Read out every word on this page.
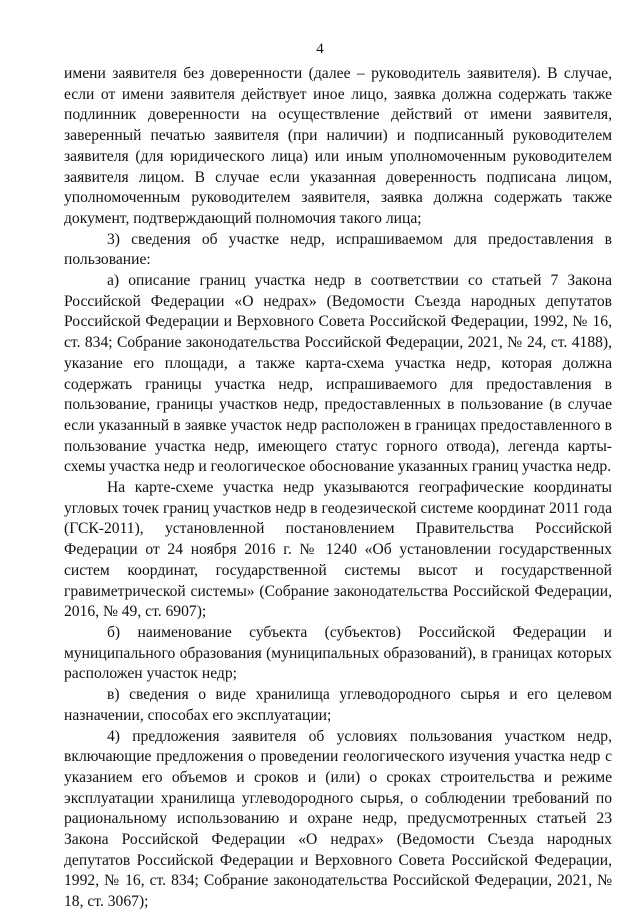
4

имени заявителя без доверенности (далее – руководитель заявителя). В случае, если от имени заявителя действует иное лицо, заявка должна содержать также подлинник доверенности на осуществление действий от имени заявителя, заверенный печатью заявителя (при наличии) и подписанный руководителем заявителя (для юридического лица) или иным уполномоченным руководителем заявителя лицом. В случае если указанная доверенность подписана лицом, уполномоченным руководителем заявителя, заявка должна содержать также документ, подтверждающий полномочия такого лица;

3) сведения об участке недр, испрашиваемом для предоставления в пользование:

а) описание границ участка недр в соответствии со статьей 7 Закона Российской Федерации «О недрах» (Ведомости Съезда народных депутатов Российской Федерации и Верховного Совета Российской Федерации, 1992, № 16, ст. 834; Собрание законодательства Российской Федерации, 2021, № 24, ст. 4188), указание его площади, а также карта-схема участка недр, которая должна содержать границы участка недр, испрашиваемого для предоставления в пользование, границы участков недр, предоставленных в пользование (в случае если указанный в заявке участок недр расположен в границах предоставленного в пользование участка недр, имеющего статус горного отвода), легенда карты-схемы участка недр и геологическое обоснование указанных границ участка недр.

На карте-схеме участка недр указываются географические координаты угловых точек границ участков недр в геодезической системе координат 2011 года (ГСК-2011), установленной постановлением Правительства Российской Федерации от 24 ноября 2016 г. № 1240 «Об установлении государственных систем координат, государственной системы высот и государственной гравиметрической системы» (Собрание законодательства Российской Федерации, 2016, № 49, ст. 6907);

б) наименование субъекта (субъектов) Российской Федерации и муниципального образования (муниципальных образований), в границах которых расположен участок недр;

в) сведения о виде хранилища углеводородного сырья и его целевом назначении, способах его эксплуатации;

4) предложения заявителя об условиях пользования участком недр, включающие предложения о проведении геологического изучения участка недр с указанием его объемов и сроков и (или) о сроках строительства и режиме эксплуатации хранилища углеводородного сырья, о соблюдении требований по рациональному использованию и охране недр, предусмотренных статьей 23 Закона Российской Федерации «О недрах» (Ведомости Съезда народных депутатов Российской Федерации и Верховного Совета Российской Федерации, 1992, № 16, ст. 834; Собрание законодательства Российской Федерации, 2021, № 18, ст. 3067);
